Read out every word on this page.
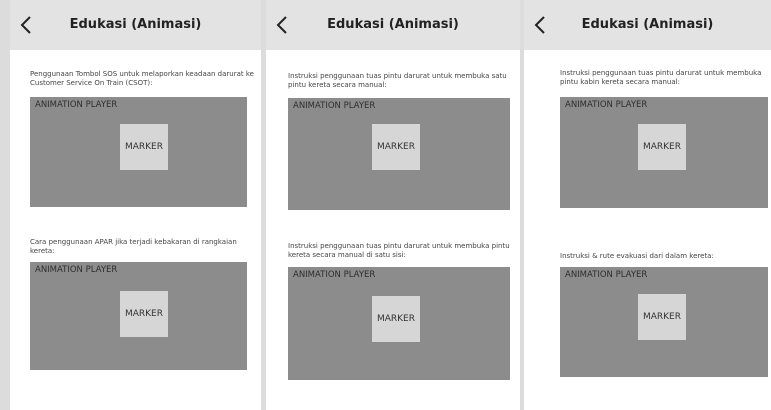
Edukasi (Animasi)
Penggunaan Tombol SOS untuk melaporkan keadaan darurat ke Customer Service On Train (CSOT):
ANIMATION PLAYER
MARKER
Cara penggunaan APAR jika terjadi kebakaran di rangkaian kereta:
ANIMATION PLAYER
MARKER
Edukasi (Animasi)
Instruksi penggunaan tuas pintu darurat untuk membuka satu pintu kereta secara manual:
ANIMATION PLAYER
MARKER
Instruksi penggunaan tuas pintu darurat untuk membuka pintu kereta secara manual di satu sisi:
ANIMATION PLAYER
MARKER
Edukasi (Animasi)
Instruksi penggunaan tuas pintu darurat untuk membuka pintu kabin kereta secara manual:
ANIMATION PLAYER
MARKER
Instruksi & rute evakuasi dari dalam kereta:
ANIMATION PLAYER
MARKER
